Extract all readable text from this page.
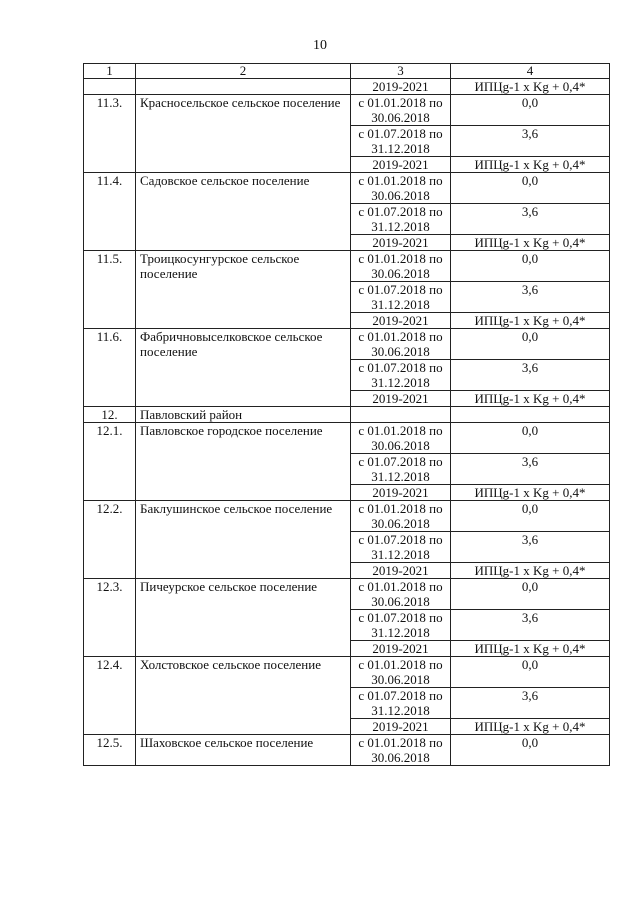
10
1	2	3	4
		2019-2021	ИПЦg-1 х Kg + 0,4*
11.3.	Красносельское сельское поселение	с 01.01.2018 по 30.06.2018	0,0
		с 01.07.2018 по 31.12.2018	3,6
		2019-2021	ИПЦg-1 х Kg + 0,4*
11.4.	Садовское сельское поселение	с 01.01.2018 по 30.06.2018	0,0
		с 01.07.2018 по 31.12.2018	3,6
		2019-2021	ИПЦg-1 х Kg + 0,4*
11.5.	Троицкосунгурское сельское поселение	с 01.01.2018 по 30.06.2018	0,0
		с 01.07.2018 по 31.12.2018	3,6
		2019-2021	ИПЦg-1 х Kg + 0,4*
11.6.	Фабричновыселковское сельское поселение	с 01.01.2018 по 30.06.2018	0,0
		с 01.07.2018 по 31.12.2018	3,6
		2019-2021	ИПЦg-1 х Kg + 0,4*
12.	Павловский район		
12.1.	Павловское городское поселение	с 01.01.2018 по 30.06.2018	0,0
		с 01.07.2018 по 31.12.2018	3,6
		2019-2021	ИПЦg-1 х Kg + 0,4*
12.2.	Баклушинское сельское поселение	с 01.01.2018 по 30.06.2018	0,0
		с 01.07.2018 по 31.12.2018	3,6
		2019-2021	ИПЦg-1 х Kg + 0,4*
12.3.	Пичеурское сельское поселение	с 01.01.2018 по 30.06.2018	0,0
		с 01.07.2018 по 31.12.2018	3,6
		2019-2021	ИПЦg-1 х Kg + 0,4*
12.4.	Холстовское сельское поселение	с 01.01.2018 по 30.06.2018	0,0
		с 01.07.2018 по 31.12.2018	3,6
		2019-2021	ИПЦg-1 х Kg + 0,4*
12.5.	Шаховское сельское поселение	с 01.01.2018 по 30.06.2018	0,0
